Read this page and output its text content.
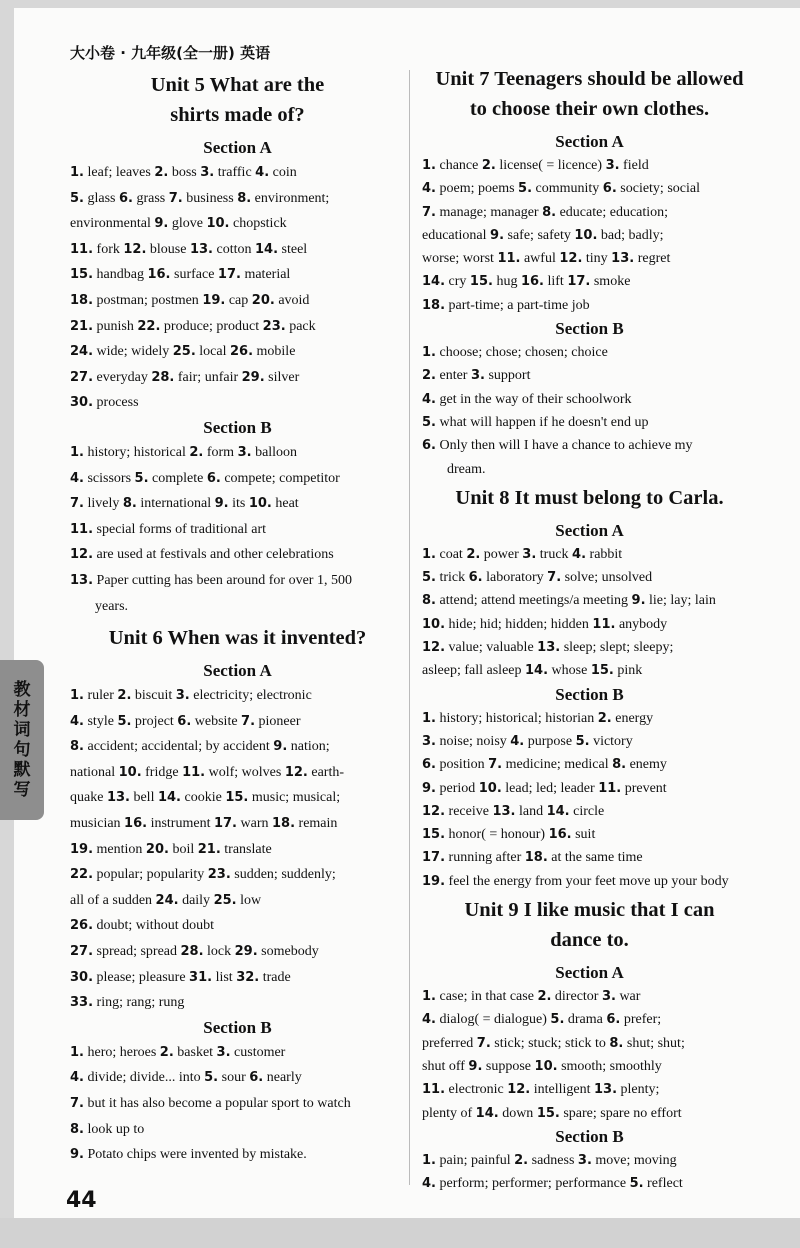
大小卷 · 九年级(全一册) 英语
Unit 5 What are the
shirts made of?
Section A
1. leaf; leaves 2. boss 3. traffic 4. coin
5. glass 6. grass 7. business 8. environment;
environmental 9. glove 10. chopstick
11. fork 12. blouse 13. cotton 14. steel
15. handbag 16. surface 17. material
18. postman; postmen 19. cap 20. avoid
21. punish 22. produce; product 23. pack
24. wide; widely 25. local 26. mobile
27. everyday 28. fair; unfair 29. silver
30. process
Section B
1. history; historical 2. form 3. balloon
4. scissors 5. complete 6. compete; competitor
7. lively 8. international 9. its 10. heat
11. special forms of traditional art
12. are used at festivals and other celebrations
13. Paper cutting has been around for over 1, 500
years.
Unit 6 When was it invented?
Section A
1. ruler 2. biscuit 3. electricity; electronic
4. style 5. project 6. website 7. pioneer
8. accident; accidental; by accident 9. nation;
national 10. fridge 11. wolf; wolves 12. earth-
quake 13. bell 14. cookie 15. music; musical;
musician 16. instrument 17. warn 18. remain
19. mention 20. boil 21. translate
22. popular; popularity 23. sudden; suddenly;
all of a sudden 24. daily 25. low
26. doubt; without doubt
27. spread; spread 28. lock 29. somebody
30. please; pleasure 31. list 32. trade
33. ring; rang; rung
Section B
1. hero; heroes 2. basket 3. customer
4. divide; divide... into 5. sour 6. nearly
7. but it has also become a popular sport to watch
8. look up to
9. Potato chips were invented by mistake.
Unit 7 Teenagers should be allowed
to choose their own clothes.
Section A
1. chance 2. license( = licence) 3. field
4. poem; poems 5. community 6. society; social
7. manage; manager 8. educate; education;
educational 9. safe; safety 10. bad; badly;
worse; worst 11. awful 12. tiny 13. regret
14. cry 15. hug 16. lift 17. smoke
18. part-time; a part-time job
Section B
1. choose; chose; chosen; choice
2. enter 3. support
4. get in the way of their schoolwork
5. what will happen if he doesn't end up
6. Only then will I have a chance to achieve my
dream.
Unit 8 It must belong to Carla.
Section A
1. coat 2. power 3. truck 4. rabbit
5. trick 6. laboratory 7. solve; unsolved
8. attend; attend meetings/a meeting 9. lie; lay; lain
10. hide; hid; hidden; hidden 11. anybody
12. value; valuable 13. sleep; slept; sleepy;
asleep; fall asleep 14. whose 15. pink
Section B
1. history; historical; historian 2. energy
3. noise; noisy 4. purpose 5. victory
6. position 7. medicine; medical 8. enemy
9. period 10. lead; led; leader 11. prevent
12. receive 13. land 14. circle
15. honor( = honour) 16. suit
17. running after 18. at the same time
19. feel the energy from your feet move up your body
Unit 9 I like music that I can
dance to.
Section A
1. case; in that case 2. director 3. war
4. dialog( = dialogue) 5. drama 6. prefer;
preferred 7. stick; stuck; stick to 8. shut; shut;
shut off 9. suppose 10. smooth; smoothly
11. electronic 12. intelligent 13. plenty;
plenty of 14. down 15. spare; spare no effort
Section B
1. pain; painful 2. sadness 3. move; moving
4. perform; performer; performance 5. reflect
教
材
词
句
默
写
44
